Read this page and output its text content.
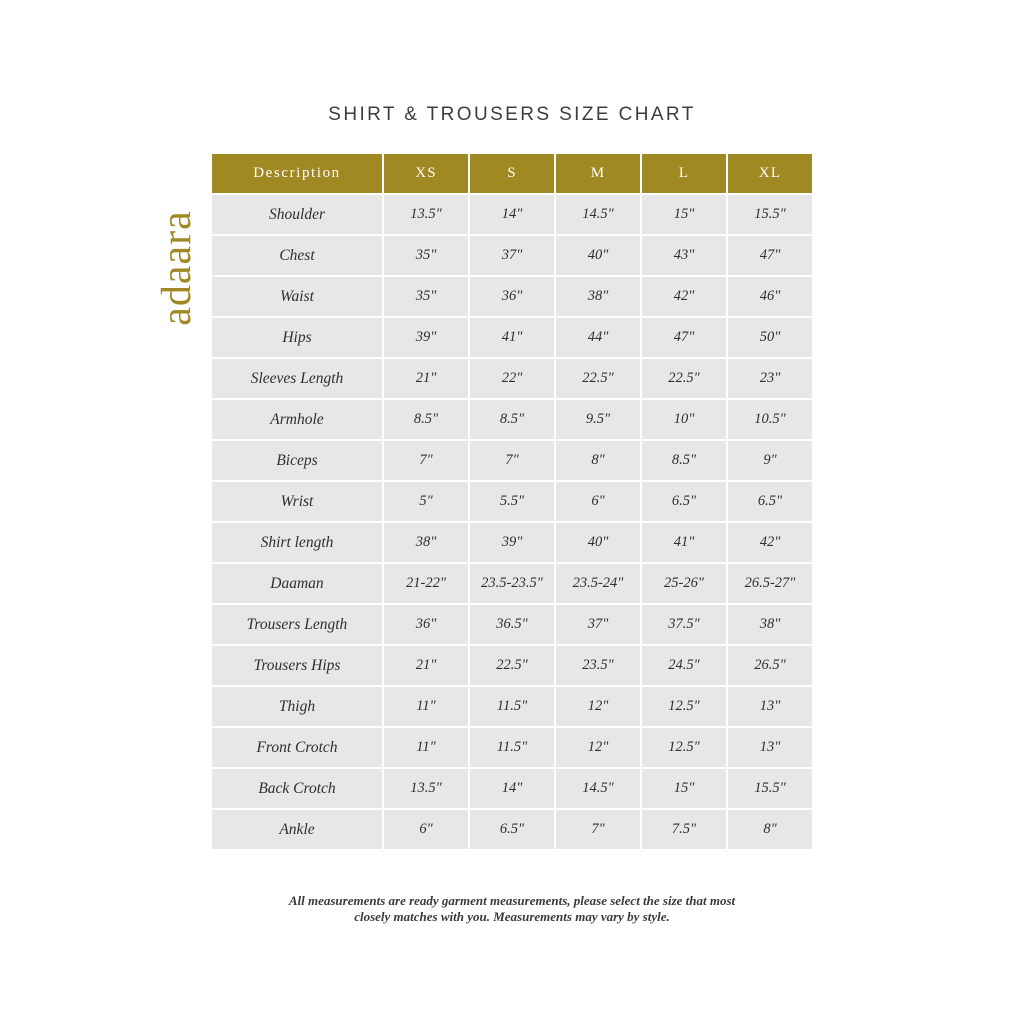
SHIRT & TROUSERS SIZE CHART
adaara
Description	XS	S	M	L	XL
Shoulder	13.5"	14"	14.5"	15"	15.5"
Chest	35"	37"	40"	43"	47"
Waist	35"	36"	38"	42"	46"
Hips	39"	41"	44"	47"	50"
Sleeves Length	21"	22"	22.5"	22.5"	23"
Armhole	8.5"	8.5"	9.5"	10"	10.5"
Biceps	7"	7"	8"	8.5"	9"
Wrist	5"	5.5"	6"	6.5"	6.5"
Shirt length	38"	39"	40"	41"	42"
Daaman	21-22"	23.5-23.5"	23.5-24"	25-26"	26.5-27"
Trousers Length	36"	36.5"	37"	37.5"	38"
Trousers Hips	21"	22.5"	23.5"	24.5"	26.5"
Thigh	11"	11.5"	12"	12.5"	13"
Front Crotch	11"	11.5"	12"	12.5"	13"
Back Crotch	13.5"	14"	14.5"	15"	15.5"
Ankle	6"	6.5"	7"	7.5"	8"
All measurements are ready garment measurements, please select the size that most
closely matches with you. Measurements may vary by style.
